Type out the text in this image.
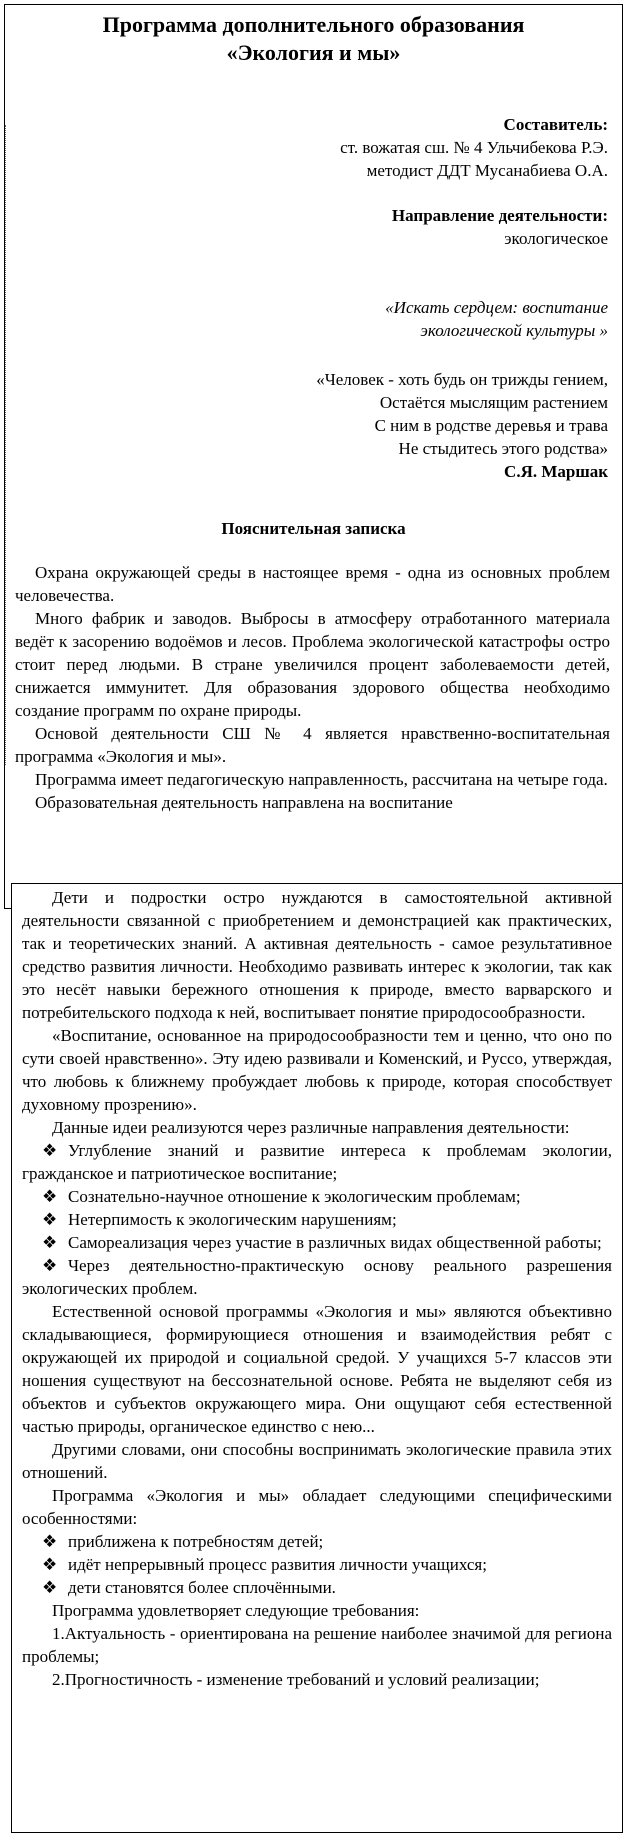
Программа дополнительного образования
«Экология и мы»
Составитель:
ст. вожатая сш. № 4 Ульчибекова Р.Э.
методист ДДТ Мусанабиева О.А.
Направление деятельности:
экологическое
«Искать сердцем: воспитание
экологической культуры »
«Человек - хоть будь он трижды гением,
Остаётся мыслящим растением
С ним в родстве деревья и трава
Не стыдитесь этого родства»
С.Я. Маршак
Пояснительная записка

Охрана окружающей среды в настоящее время - одна из основных проблем человечества.

Много фабрик и заводов. Выбросы в атмосферу отработанного материала ведёт к засорению водоёмов и лесов. Проблема экологической катастрофы остро стоит перед людьми. В стране увеличился процент заболеваемости детей, снижается иммунитет. Для образования здорового общества необходимо создание программ по охране природы.

Основой деятельности СШ № 4 является нравственно-воспитательная программа «Экология и мы».

Программа имеет педагогическую направленность, рассчитана на четыре года.

Образовательная деятельность направлена на воспитание

Дети и подростки остро нуждаются в самостоятельной активной деятельности связанной с приобретением и демонстрацией как практических, так и теоретических знаний. А активная деятельность - самое результативное средство развития личности. Необходимо развивать интерес к экологии, так как это несёт навыки бережного отношения к природе, вместо варварского и потребительского подхода к ней, воспитывает понятие природосообразности.

«Воспитание, основанное на природосообразности тем и ценно, что оно по сути своей нравственно». Эту идею развивали и Коменский, и Руссо, утверждая, что любовь к ближнему пробуждает любовь к природе, которая способствует духовному прозрению».

Данные идеи реализуются через различные направления деятельности:

❖ Углубление знаний и развитие интереса к проблемам экологии, гражданское и патриотическое воспитание;

❖ Сознательно-научное отношение к экологическим проблемам;

❖ Нетерпимость к экологическим нарушениям;

❖ Самореализация через участие в различных видах общественной работы;

❖ Через деятельностно-практическую основу реального разрешения экологических проблем.

Естественной основой программы «Экология и мы» являются объективно складывающиеся, формирующиеся отношения и взаимодействия ребят с окружающей их природой и социальной средой. У учащихся 5-7 классов эти ношения существуют на бессознательной основе. Ребята не выделяют себя из объектов и субъектов окружающего мира. Они ощущают себя естественной частью природы, органическое единство с нею...

Другими словами, они способны воспринимать экологические правила этих отношений.

Программа «Экология и мы» обладает следующими специфическими особенностями:

❖ приближена к потребностям детей;

❖ идёт непрерывный процесс развития личности учащихся;

❖ дети становятся более сплочёнными.

Программа удовлетворяет следующие требования:

1.Актуальность - ориентирована на решение наиболее значимой для региона проблемы;

2.Прогностичность - изменение требований и условий реализации;
